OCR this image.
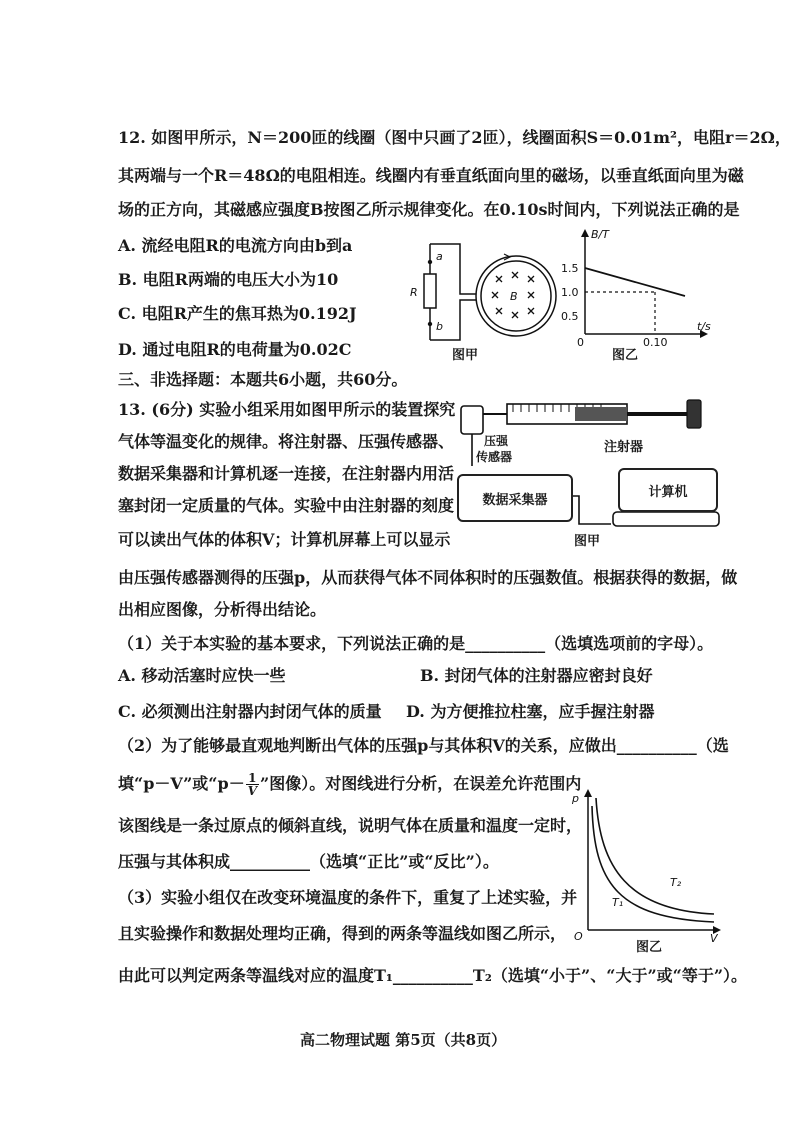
12. 如图甲所示，N＝200匝的线圈（图中只画了2匝），线圈面积S＝0.01m²，电阻r＝2Ω，
其两端与一个R＝48Ω的电阻相连。线圈内有垂直纸面向里的磁场，以垂直纸面向里为磁
场的正方向，其磁感应强度B按图乙所示规律变化。在0.10s时间内，下列说法正确的是
A. 流经电阻R的电流方向由b到a
B. 电阻R两端的电压大小为10
C. 电阻R产生的焦耳热为0.192J
D. 通过电阻R的电荷量为0.02C
R
a
b
B
图甲
B/T
t/s
0
1.5
1.0
0.5
0.10
图乙
三、非选择题：本题共6小题，共60分。
13. (6分) 实验小组采用如图甲所示的装置探究
气体等温变化的规律。将注射器、压强传感器、
数据采集器和计算机逐一连接，在注射器内用活
塞封闭一定质量的气体。实验中由注射器的刻度
可以读出气体的体积V；计算机屏幕上可以显示
由压强传感器测得的压强p，从而获得气体不同体积时的压强数值。根据获得的数据，做
出相应图像，分析得出结论。
压强
传感器
注射器
数据采集器
计算机
图甲
（1）关于本实验的基本要求，下列说法正确的是__________（选填选项前的字母）。
A. 移动活塞时应快一些	B. 封闭气体的注射器应密封良好
C. 必须测出注射器内封闭气体的质量 D. 为方便推拉柱塞，应手握注射器
（2）为了能够最直观地判断出气体的压强p与其体积V的关系，应做出__________（选
填“p－V”或“$p- \frac{1}{V}$ ”图像）。对图线进行分析，在误差允许范围内
该图线是一条过原点的倾斜直线，说明气体在质量和温度一定时，
压强与其体积成__________（选填“正比”或“反比”）。
（3）实验小组仅在改变环境温度的条件下，重复了上述实验，并
且实验操作和数据处理均正确，得到的两条等温线如图乙所示，
由此可以判定两条等温线对应的温度T₁__________T₂（选填“小于”、“大于”或“等于”）。
p
V
O
T₂
T₁
图乙
高二物理试题 第5页（共8页）
